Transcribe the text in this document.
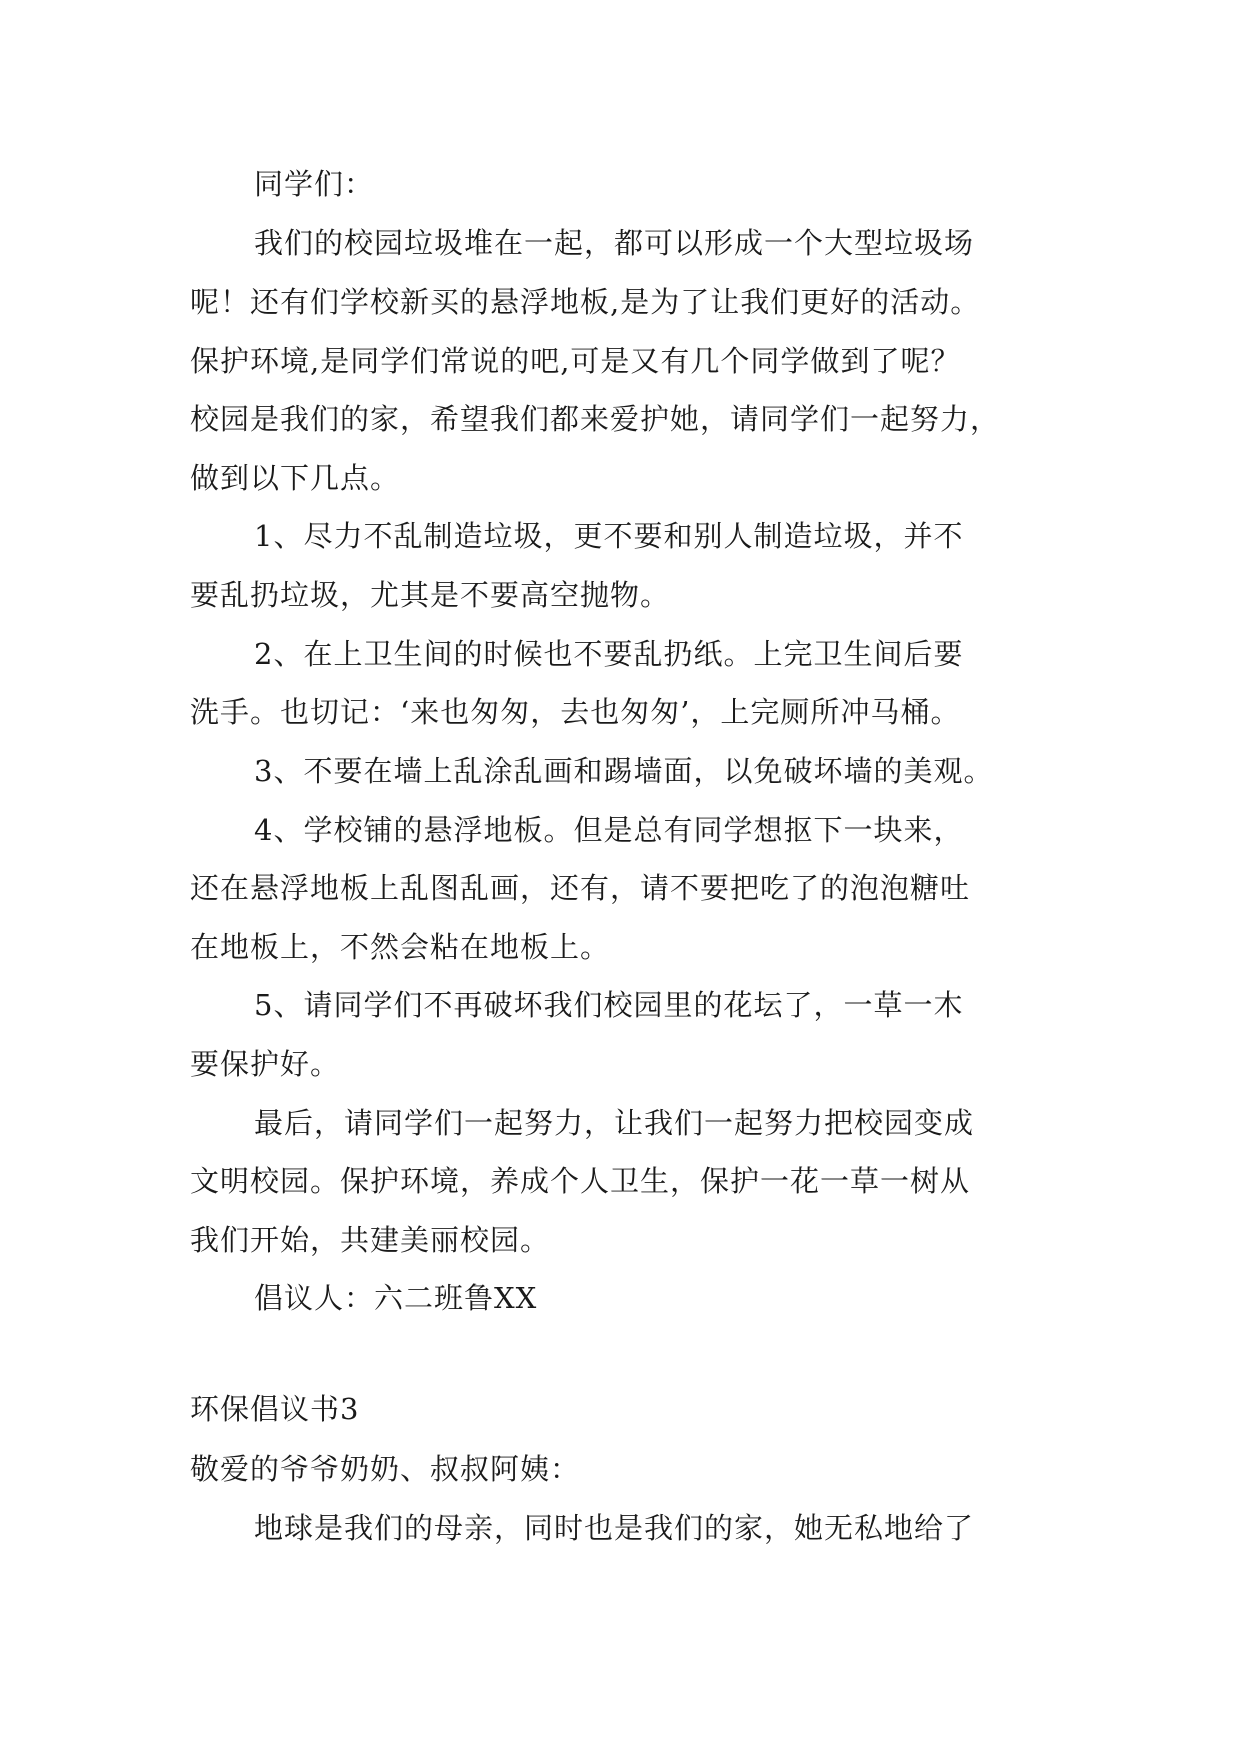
同学们：
我们的校园垃圾堆在一起，都可以形成一个大型垃圾场
呢！还有们学校新买的悬浮地板,是为了让我们更好的活动。
保护环境,是同学们常说的吧,可是又有几个同学做到了呢？
校园是我们的家，希望我们都来爱护她，请同学们一起努力，
做到以下几点。
1、尽力不乱制造垃圾，更不要和别人制造垃圾，并不
要乱扔垃圾，尤其是不要高空抛物。
2、在上卫生间的时候也不要乱扔纸。上完卫生间后要
洗手。也切记：‘来也匆匆，去也匆匆’，上完厕所冲马桶。
3、不要在墙上乱涂乱画和踢墙面，以免破坏墙的美观。
4、学校铺的悬浮地板。但是总有同学想抠下一块来，
还在悬浮地板上乱图乱画，还有，请不要把吃了的泡泡糖吐
在地板上，不然会粘在地板上。
5、请同学们不再破坏我们校园里的花坛了，一草一木
要保护好。
最后，请同学们一起努力，让我们一起努力把校园变成
文明校园。保护环境，养成个人卫生，保护一花一草一树从
我们开始，共建美丽校园。
倡议人：六二班鲁XX
环保倡议书3
敬爱的爷爷奶奶、叔叔阿姨：
地球是我们的母亲，同时也是我们的家，她无私地给了
